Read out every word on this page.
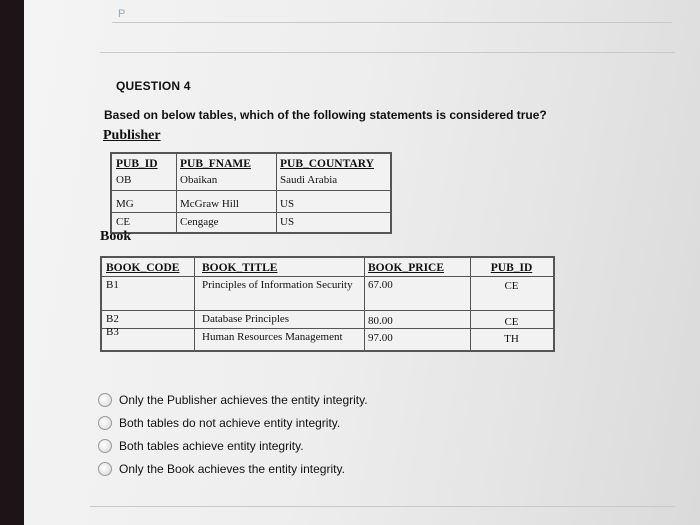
P
QUESTION 4
Based on below tables, which of the following statements is considered true?
Publisher
PUB_ID	PUB_FNAME	PUB_COUNTARY
OB	Obaikan	Saudi Arabia
MG	McGraw Hill	US
CE	Cengage	US
Book
BOOK_CODE	BOOK_TITLE	BOOK_PRICE	PUB_ID
B1	Principles of Information Security	67.00	CE
B2	Database Principles	80.00	CE
B3	Human Resources Management	97.00	TH
Only the Publisher achieves the entity integrity.
Both tables do not achieve entity integrity.
Both tables achieve entity integrity.
Only the Book achieves the entity integrity.
